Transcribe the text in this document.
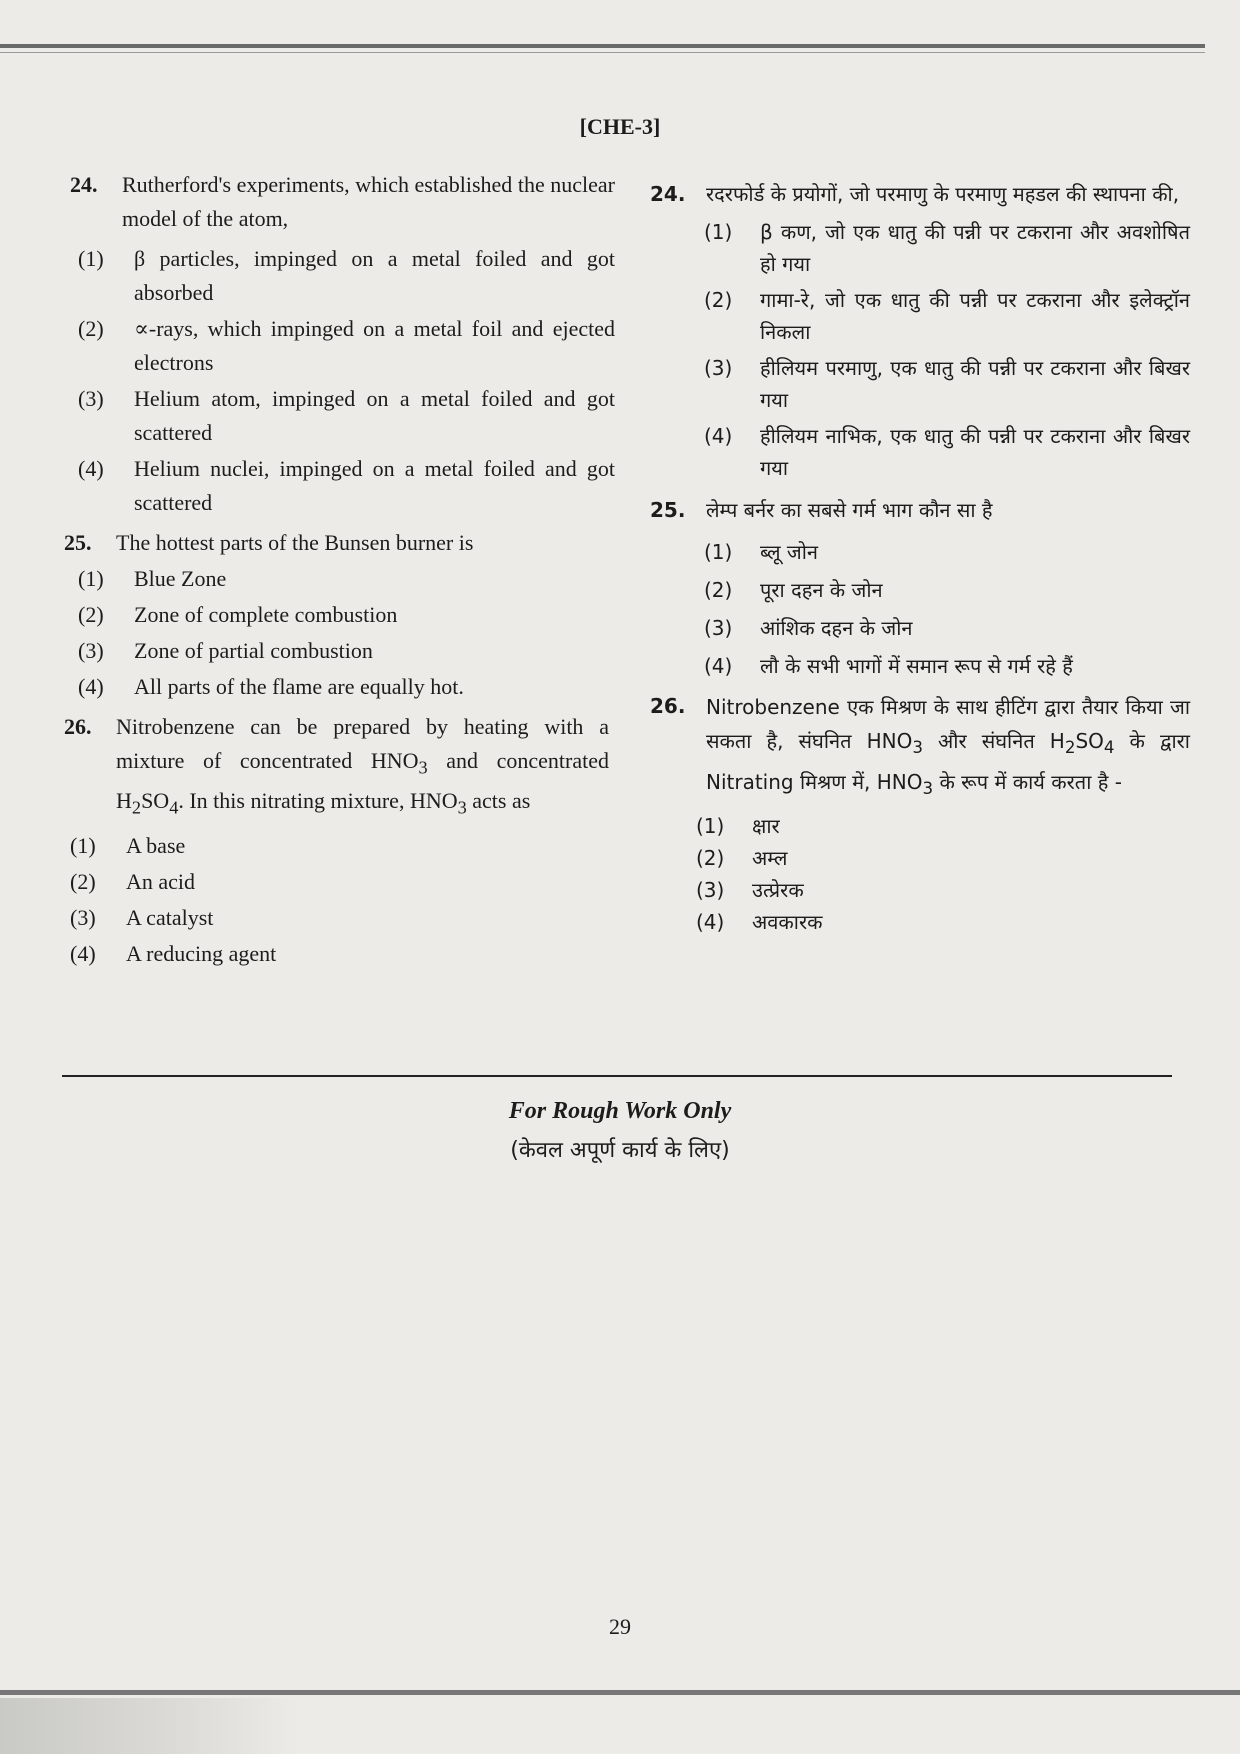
[CHE-3]
24. Rutherford's experiments, which established the nuclear model of the atom,
(1) β particles, impinged on a metal foiled and got absorbed
(2) ∝-rays, which impinged on a metal foil and ejected electrons
(3) Helium atom, impinged on a metal foiled and got scattered
(4) Helium nuclei, impinged on a metal foiled and got scattered
25. The hottest parts of the Bunsen burner is
(1) Blue Zone
(2) Zone of complete combustion
(3) Zone of partial combustion
(4) All parts of the flame are equally hot.
26. Nitrobenzene can be prepared by heating with a mixture of concentrated $HNO_3$ and concentrated $H_2SO_4$. In this nitrating mixture, $HNO_3$ acts as
(1) A base
(2) An acid
(3) A catalyst
(4) A reducing agent
24. रदरफोर्ड के प्रयोगों, जो परमाणु के परमाणु महडल की स्थापना की,
(1) β कण, जो एक धातु की पन्नी पर टकराना और अवशोषित हो गया
(2) गामा-रे, जो एक धातु की पन्नी पर टकराना और इलेक्ट्रॉन निकला
(3) हीलियम परमाणु, एक धातु की पन्नी पर टकराना और बिखर गया
(4) हीलियम नाभिक, एक धातु की पन्नी पर टकराना और बिखर गया
25. लेम्प बर्नर का सबसे गर्म भाग कौन सा है
(1) ब्लू जोन
(2) पूरा दहन के जोन
(3) आंशिक दहन के जोन
(4) लौ के सभी भागों में समान रूप से गर्म रहे हैं
26. Nitrobenzene एक मिश्रण के साथ हीटिंग द्वारा तैयार किया जा सकता है, संघनित $HNO_3$ और संघनित $H_2SO_4$ के द्वारा Nitrating मिश्रण में, $HNO_3$ के रूप में कार्य करता है -
(1) क्षार
(2) अम्ल
(3) उत्प्रेरक
(4) अवकारक
For Rough Work Only
(केवल अपूर्ण कार्य के लिए)
29
